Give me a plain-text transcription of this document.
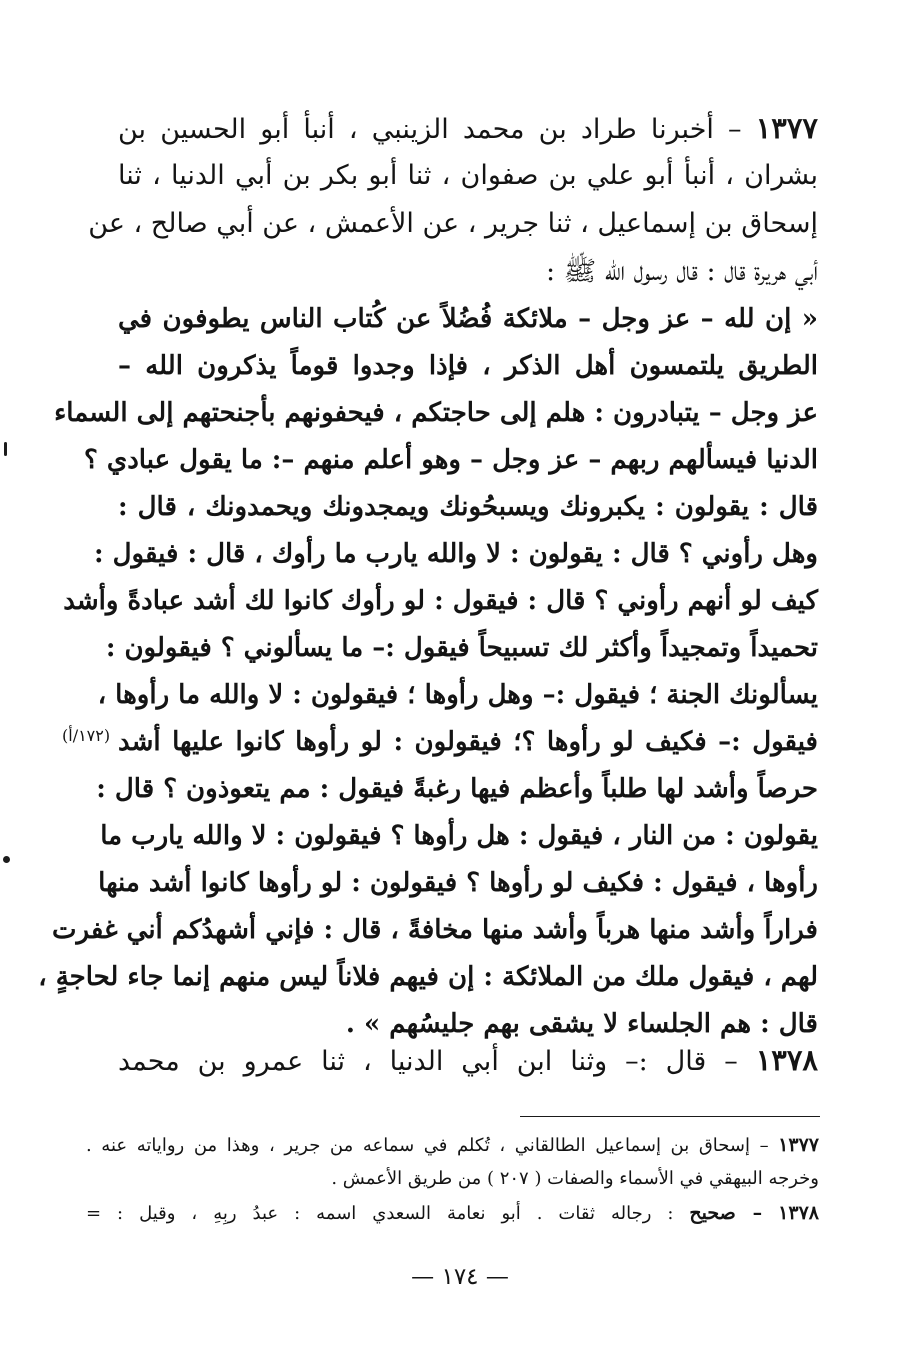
١٣٧٧ – أخبرنا طراد بن محمد الزينبي ، أنبأ أبو الحسين بن
بشران ، أنبأ أبو علي بن صفوان ، ثنا أبو بكر بن أبي الدنيا ، ثنا
إسحاق بن إسماعيل ، ثنا جرير ، عن الأعمش ، عن أبي صالح ، عن
أبي هريرة قال : قال رسول الله ﷺ :
« إن لله – عز وجل – ملائكة فُضُلاً عن كُتاب الناس يطوفون في
الطريق يلتمسون أهل الذكر ، فإذا وجدوا قوماً يذكرون الله –
عز وجل – يتبادرون : هلم إلى حاجتكم ، فيحفونهم بأجنحتهم إلى السماء
الدنيا فيسألهم ربهم – عز وجل – وهو أعلم منهم –: ما يقول عبادي ؟
قال : يقولون : يكبرونك ويسبحُونك ويمجدونك ويحمدونك ، قال :
وهل رأوني ؟ قال : يقولون : لا والله يارب ما رأوك ، قال : فيقول :
كيف لو أنهم رأوني ؟ قال : فيقول : لو رأوك كانوا لك أشد عبادةً وأشد
تحميداً وتمجيداً وأكثر لك تسبيحاً فيقول :– ما يسألوني ؟ فيقولون :
يسألونك الجنة ؛ فيقول :– وهل رأوها ؛ فيقولون : لا والله ما رأوها ،
فيقول :– فكيف لو رأوها ؟؛ فيقولون : لو رأوها كانوا عليها أشد
حرصاً وأشد لها طلباً وأعظم فيها رغبةً فيقول : مم يتعوذون ؟ قال :
يقولون : من النار ، فيقول : هل رأوها ؟ فيقولون : لا والله يارب ما
رأوها ، فيقول : فكيف لو رأوها ؟ فيقولون : لو رأوها كانوا أشد منها
فراراً وأشد منها هرباً وأشد منها مخافةً ، قال : فإني أشهدُكم أني غفرت
لهم ، فيقول ملك من الملائكة : إن فيهم فلاناً ليس منهم إنما جاء لحاجةٍ ،
قال : هم الجلساء لا يشقى بهم جليسُهم » .
(١٧٢/أ)
١٣٧٨ – قال :– وثنا ابن أبي الدنيا ، ثنا عمرو بن محمد
١٣٧٧ – إسحاق بن إسماعيل الطالقاني ، تُكلم في سماعه من جرير ، وهذا من رواياته عنه .
وخرجه البيهقي في الأسماء والصفات ( ٢٠٧ ) من طريق الأعمش .
١٣٧٨ – صحيح : رجاله ثقات . أبو نعامة السعدي اسمه : عبدُ ربِهِ ، وقيل : =
— ١٧٤ —
